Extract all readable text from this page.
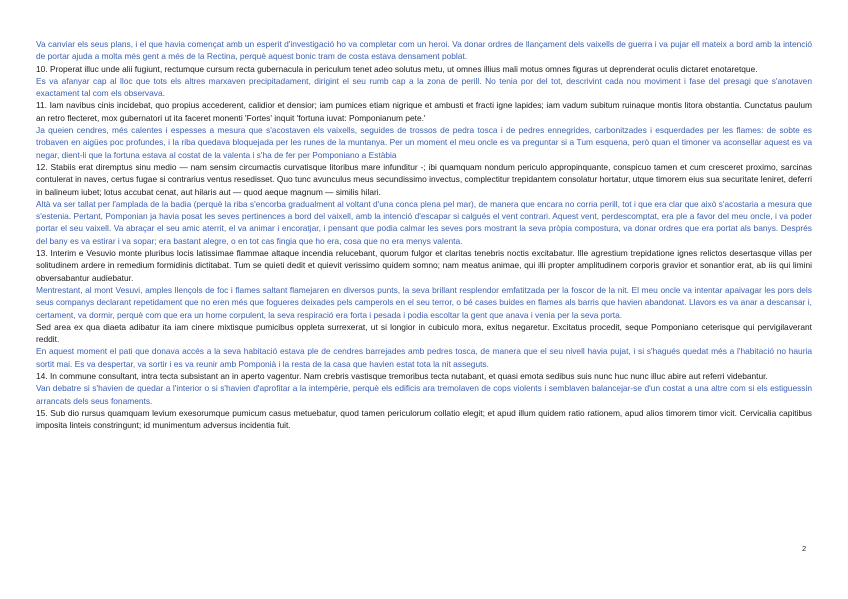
Va canviar els seus plans, i el que havia començat amb un esperit d'investigació ho va completar com un heroi. Va donar ordres de llançament dels vaixells de guerra i va pujar ell mateix a bord amb la intenció de portar ajuda a molta més gent a més de la Rectina, perquè aquest bonic tram de costa estava densament poblat.

10. Properat illuc unde alii fugiunt, rectumque cursum recta gubernacula in periculum tenet adeo solutus metu, ut omnes illius mali motus omnes figuras ut deprenderat oculis dictaret enotaretque.

Es va afanyar cap al lloc que tots els altres marxaven precipitadament, dirigint el seu rumb cap a la zona de perill. No tenia por del tot, descrivint cada nou moviment i fase del presagi que s'anotaven exactament tal com els observava.

11. Iam navibus cinis incidebat, quo propius accederent, calidior et densior; iam pumices etiam nigrique et ambusti et fracti igne lapides; iam vadum subitum ruinaque montis litora obstantia. Cunctatus paulum an retro flecteret, mox gubernatori ut ita faceret monenti 'Fortes' inquit 'fortuna iuvat: Pomponianum pete.'

Ja queien cendres, més calentes i espesses a mesura que s'acostaven els vaixells, seguides de trossos de pedra tosca i de pedres ennegrides, carbonitzades i esquerdades per les flames: de sobte es trobaven en aigües poc profundes, i la riba quedava bloquejada per les runes de la muntanya. Per un moment el meu oncle es va preguntar si a Tum esquena, però quan el timoner va aconsellar aquest es va negar, dient-li que la fortuna estava al costat de la valenta i s'ha de fer per Pomponiano a Estàbia

12. Stabiis erat diremptus sinu medio — nam sensim circumactis curvatisque litoribus mare infunditur -; ibi quamquam nondum periculo appropinquante, conspicuo tamen et cum cresceret proximo, sarcinas contulerat in naves, certus fugae si contrarius ventus resedisset. Quo tunc avunculus meus secundissimo invectus, complectitur trepidantem consolatur hortatur, utque timorem eius sua securitate leniret, deferri in balineum iubet; lotus accubat cenat, aut hilaris aut — quod aeque magnum — similis hilari.

Altà va ser tallat per l'amplada de la badia (perquè la riba s'encorba gradualment al voltant d'una conca plena pel mar), de manera que encara no corria perill, tot i que era clar que això s'acostaria a mesura que s'estenia. Pertant, Pomponian ja havia posat les seves pertinences a bord del vaixell, amb la intenció d'escapar si calgués el vent contrari. Aquest vent, perdescomptat, era ple a favor del meu oncle, i va poder portar el seu vaixell. Va abraçar el seu amic aterrit, el va animar i encoratjar, i pensant que podia calmar les seves pors mostrant la seva pròpia compostura, va donar ordres que era portat als banys. Després del bany es va estirar i va sopar; era bastant alegre, o en tot cas fingia que ho era, cosa que no era menys valenta.

13. Interim e Vesuvio monte pluribus locis latissimae flammae altaque incendia relucebant, quorum fulgor et claritas tenebris noctis excitabatur. Ille agrestium trepidatione ignes relictos desertasque villas per solitudinem ardere in remedium formidinis dictitabat. Tum se quieti dedit et quievit verissimo quidem somno; nam meatus animae, qui illi propter amplitudinem corporis gravior et sonantior erat, ab iis qui limini obversabantur audiebatur.

Mentrestant, al mont Vesuvi, amples llençols de foc i flames saltant flamejaren en diversos punts, la seva brillant resplendor emfatitzada per la foscor de la nit. El meu oncle va intentar apaivagar les pors dels seus companys declarant repetidament que no eren més que fogueres deixades pels camperols en el seu terror, o bé cases buides en flames als barris que havien abandonat. Llavors es va anar a descansar i, certament, va dormir, perquè com que era un home corpulent, la seva respiració era forta i pesada i podia escoltar la gent que anava i venia per la seva porta.

Sed area ex qua diaeta adibatur ita iam cinere mixtisque pumicibus oppleta surrexerat, ut si longior in cubiculo mora, exitus negaretur. Excitatus procedit, seque Pomponiano ceterisque qui pervigilaverant reddit.

En aquest moment el pati que donava accés a la seva habitació estava ple de cendres barrejades amb pedres tosca, de manera que el seu nivell havia pujat, i si s'hagués quedat més a l'habitació no hauria sortit mai. Es va despertar, va sortir i es va reunir amb Pomponià i la resta de la casa que havien estat tota la nit asseguts.

14. In commune consultant, intra tecta subsistant an in aperto vagentur. Nam crebris vastisque tremoribus tecta nutabant, et quasi emota sedibus suis nunc huc nunc illuc abire aut referri videbantur.

Van debatre si s'havien de quedar a l'interior o si s'havien d'aprofitar a la intempèrie, perquè els edificis ara tremolaven de cops violents i semblaven balancejar-se d'un costat a una altre com si els estiguessin arrancats dels seus fonaments.

15. Sub dio rursus quamquam levium exesorumque pumicum casus metuebatur, quod tamen periculorum collatio elegit; et apud illum quidem ratio rationem, apud alios timorem timor vicit. Cervicalia capitibus imposita linteis constringunt; id munimentum adversus incidentia fuit.

2
